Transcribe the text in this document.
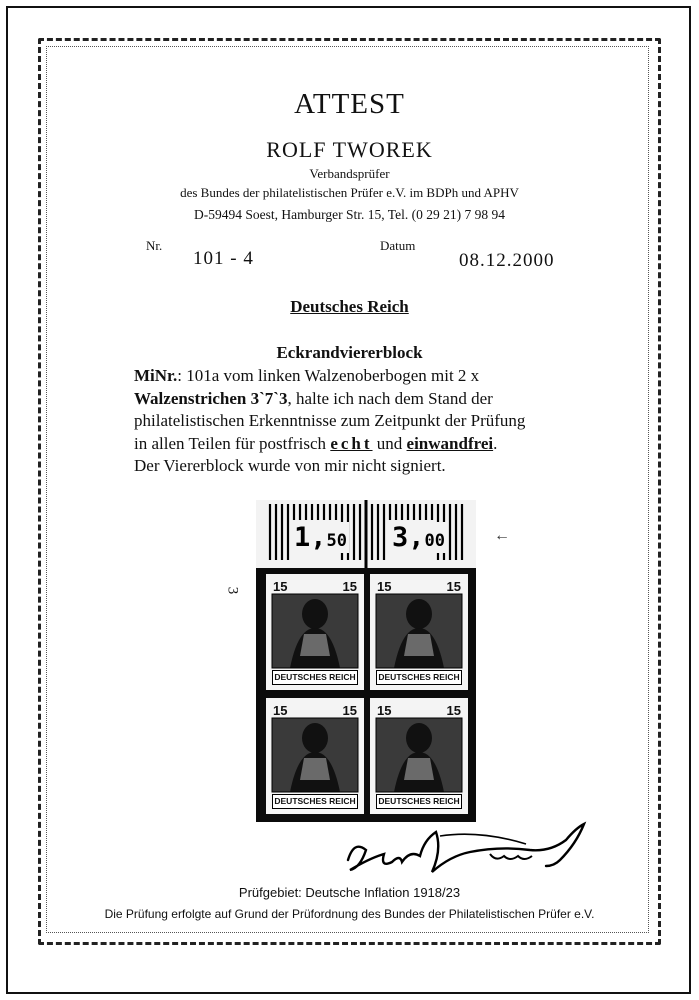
ATTEST
ROLF TWOREK
Verbandsprüfer
des Bundes der philatelistischen Prüfer e.V. im BDPh und APHV
D-59494 Soest, Hamburger Str. 15, Tel. (0 29 21) 7 98 94
Nr.
101 - 4
Datum
08.12.2000
Deutsches Reich
Eckrandviererblock
MiNr.: 101a vom linken Walzenoberbogen mit 2 x
Walzenstrichen 3`7`3, halte ich nach dem Stand der
philatelistischen Erkenntnisse zum Zeitpunkt der Prüfung
in allen Teilen für postfrisch echt und einwandfrei.
Der Viererblock wurde von mir nicht signiert.
1,50 3,00
15	15
DEUTSCHES REICH
15	15
DEUTSCHES REICH
15	15
DEUTSCHES REICH
15	15
DEUTSCHES REICH
3
←
Prüfgebiet: Deutsche Inflation 1918/23
Die Prüfung erfolgte auf Grund der Prüfordnung des Bundes der Philatelistischen Prüfer e.V.
